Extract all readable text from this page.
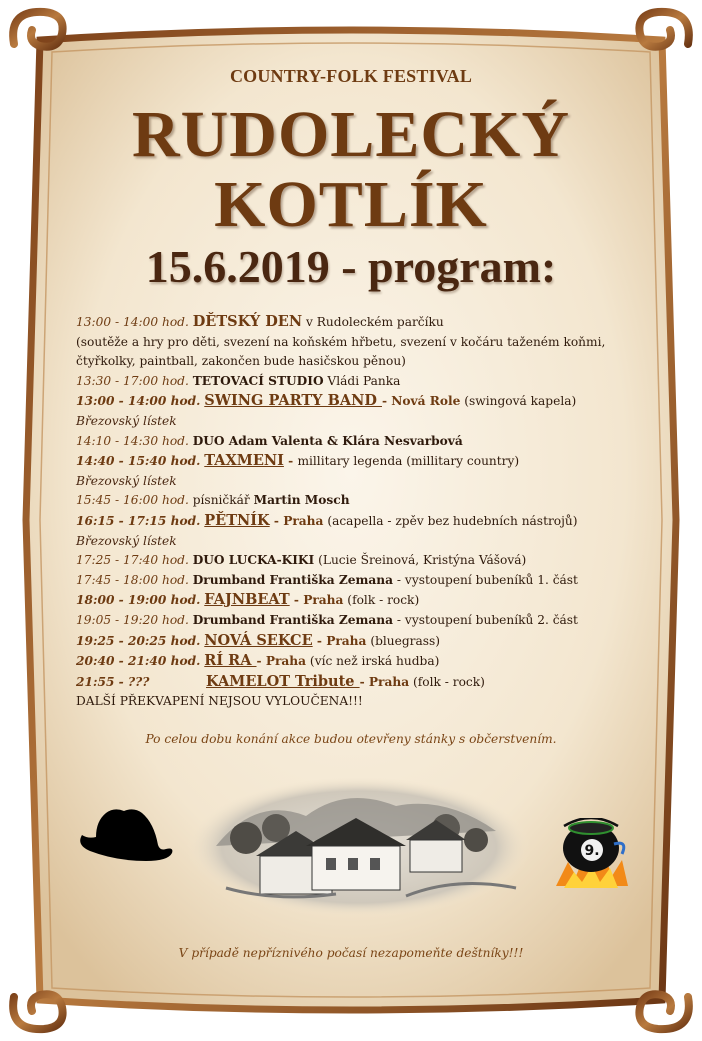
COUNTRY-FOLK FESTIVAL
RUDOLECKÝ
KOTLÍK
15.6.2019 - program:
13:00 - 14:00 hod. DĚTSKÝ DEN v Rudoleckém parčíku
(soutěže a hry pro děti, svezení na koňském hřbetu, svezení v kočáru taženém koňmi, čtyřkolky, paintball, zakončen bude hasičskou pěnou)
13:30 - 17:00 hod. TETOVACÍ STUDIO Vládi Panka
13:00 - 14:00 hod. SWING PARTY BAND - Nová Role (swingová kapela)
Březovský lístek
14:10 - 14:30 hod. DUO Adam Valenta & Klára Nesvarbová
14:40 - 15:40 hod. TAXMENI - millitary legenda (millitary country)
Březovský lístek
15:45 - 16:00 hod. písničkář Martin Mosch
16:15 - 17:15 hod. PĚTNÍK - Praha (acapella - zpěv bez hudebních nástrojů)
Březovský lístek
17:25 - 17:40 hod. DUO LUCKA-KIKI (Lucie Šreinová, Kristýna Vášová)
17:45 - 18:00 hod. Drumband Františka Zemana - vystoupení bubeníků 1. část
18:00 - 19:00 hod. FAJNBEAT - Praha (folk - rock)
19:05 - 19:20 hod. Drumband Františka Zemana - vystoupení bubeníků 2. část
19:25 - 20:25 hod. NOVÁ SEKCE - Praha (bluegrass)
20:40 - 21:40 hod. RÍ RA - Praha (víc než irská hudba)
21:55 - ???	KAMELOT Tribute - Praha (folk - rock)
DALŠÍ PŘEKVAPENÍ NEJSOU VYLOUČENA!!!
Po celou dobu konání akce budou otevřeny stánky s občerstvením.
9.
V případě nepříznivého počasí nezapomeňte deštníky!!!
